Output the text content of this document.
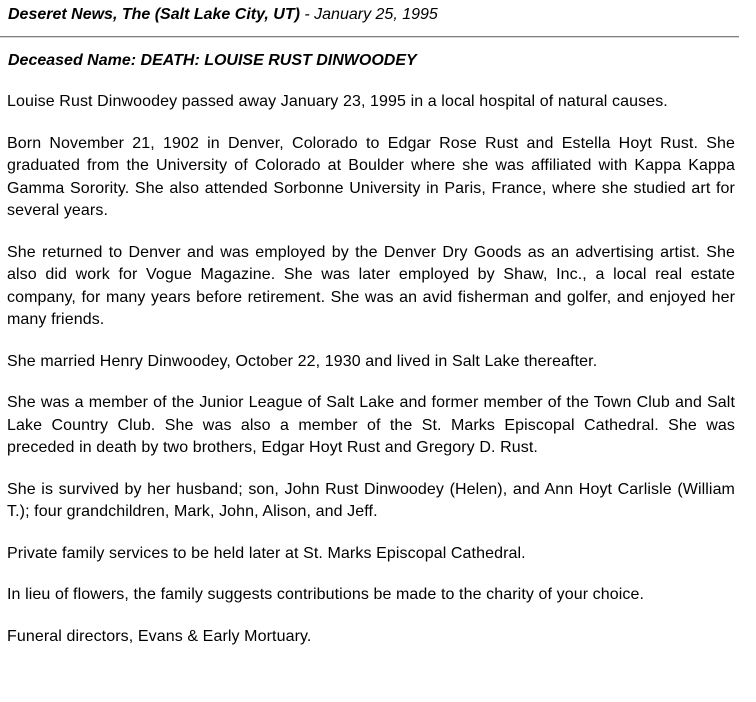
Deseret News, The (Salt Lake City, UT) - January 25, 1995
Deceased Name: DEATH: LOUISE RUST DINWOODEY

Louise Rust Dinwoodey passed away January 23, 1995 in a local hospital of natural causes.

Born November 21, 1902 in Denver, Colorado to Edgar Rose Rust and Estella Hoyt Rust. She graduated from the University of Colorado at Boulder where she was affiliated with Kappa Kappa Gamma Sorority. She also attended Sorbonne University in Paris, France, where she studied art for several years.

She returned to Denver and was employed by the Denver Dry Goods as an advertising artist. She also did work for Vogue Magazine. She was later employed by Shaw, Inc., a local real estate company, for many years before retirement. She was an avid fisherman and golfer, and enjoyed her many friends.

She married Henry Dinwoodey, October 22, 1930 and lived in Salt Lake thereafter.

She was a member of the Junior League of Salt Lake and former member of the Town Club and Salt Lake Country Club. She was also a member of the St. Marks Episcopal Cathedral. She was preceded in death by two brothers, Edgar Hoyt Rust and Gregory D. Rust.

She is survived by her husband; son, John Rust Dinwoodey (Helen), and Ann Hoyt Carlisle (William T.); four grandchildren, Mark, John, Alison, and Jeff.

Private family services to be held later at St. Marks Episcopal Cathedral.

In lieu of flowers, the family suggests contributions be made to the charity of your choice.

Funeral directors, Evans & Early Mortuary.
